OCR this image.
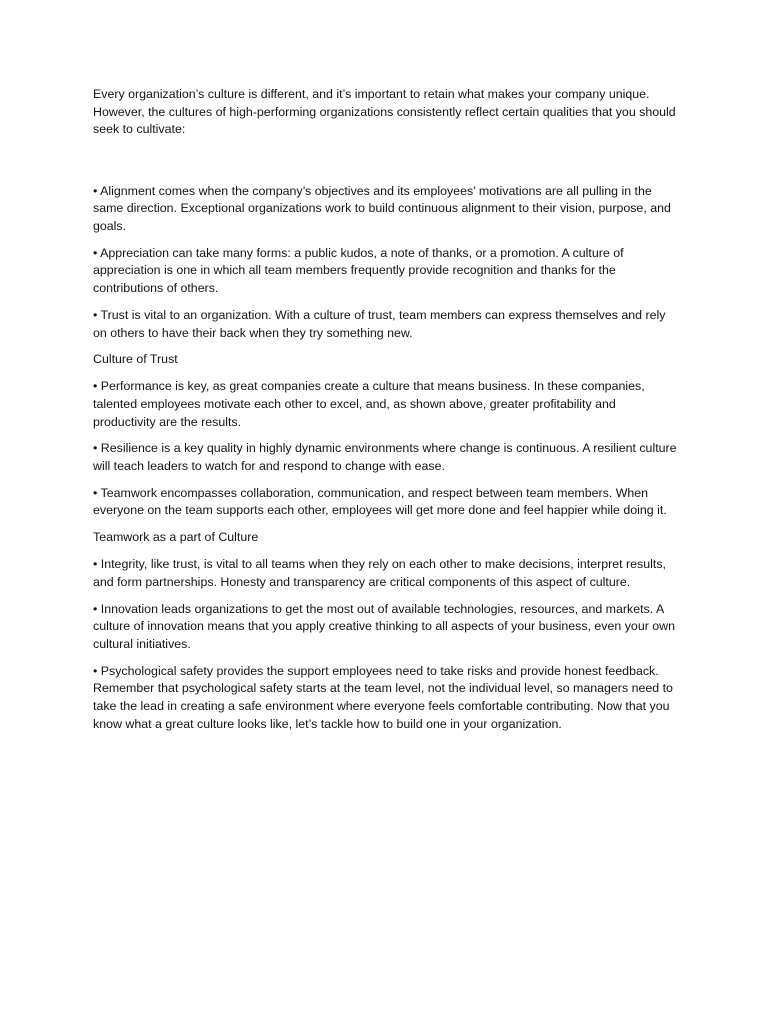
Every organization’s culture is different, and it’s important to retain what makes your company unique. However, the cultures of high-performing organizations consistently reflect certain qualities that you should seek to cultivate:

• Alignment comes when the company’s objectives and its employees’ motivations are all pulling in the same direction. Exceptional organizations work to build continuous alignment to their vision, purpose, and goals.

• Appreciation can take many forms: a public kudos, a note of thanks, or a promotion. A culture of appreciation is one in which all team members frequently provide recognition and thanks for the contributions of others.

• Trust is vital to an organization. With a culture of trust, team members can express themselves and rely on others to have their back when they try something new.

Culture of Trust

• Performance is key, as great companies create a culture that means business. In these companies, talented employees motivate each other to excel, and, as shown above, greater profitability and productivity are the results.

• Resilience is a key quality in highly dynamic environments where change is continuous. A resilient culture will teach leaders to watch for and respond to change with ease.

• Teamwork encompasses collaboration, communication, and respect between team members. When everyone on the team supports each other, employees will get more done and feel happier while doing it.

Teamwork as a part of Culture

• Integrity, like trust, is vital to all teams when they rely on each other to make decisions, interpret results, and form partnerships. Honesty and transparency are critical components of this aspect of culture.

• Innovation leads organizations to get the most out of available technologies, resources, and markets. A culture of innovation means that you apply creative thinking to all aspects of your business, even your own cultural initiatives.

• Psychological safety provides the support employees need to take risks and provide honest feedback. Remember that psychological safety starts at the team level, not the individual level, so managers need to take the lead in creating a safe environment where everyone feels comfortable contributing. Now that you know what a great culture looks like, let’s tackle how to build one in your organization.
